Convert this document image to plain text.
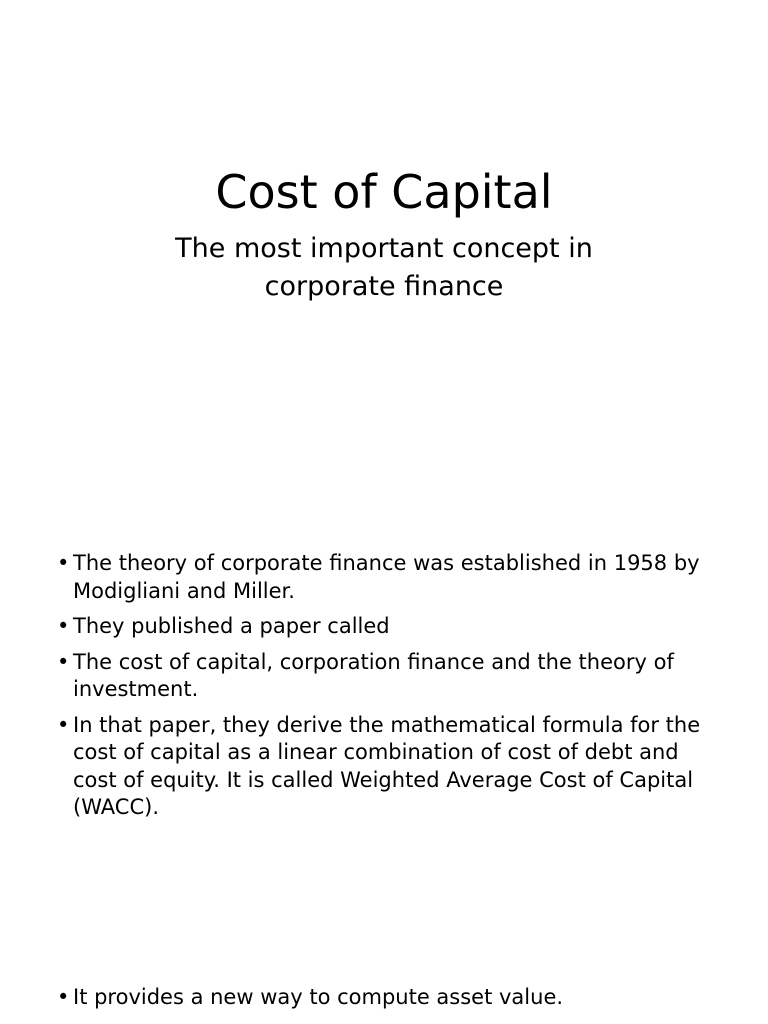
Cost of Capital
The most important concept in corporate finance
• The theory of corporate finance was established in 1958 by Modigliani and Miller.
• They published a paper called
• The cost of capital, corporation finance and the theory of investment.
• In that paper, they derive the mathematical formula for the cost of capital as a linear combination of cost of debt and cost of equity. It is called Weighted Average Cost of Capital (WACC).
• It provides a new way to compute asset value.
